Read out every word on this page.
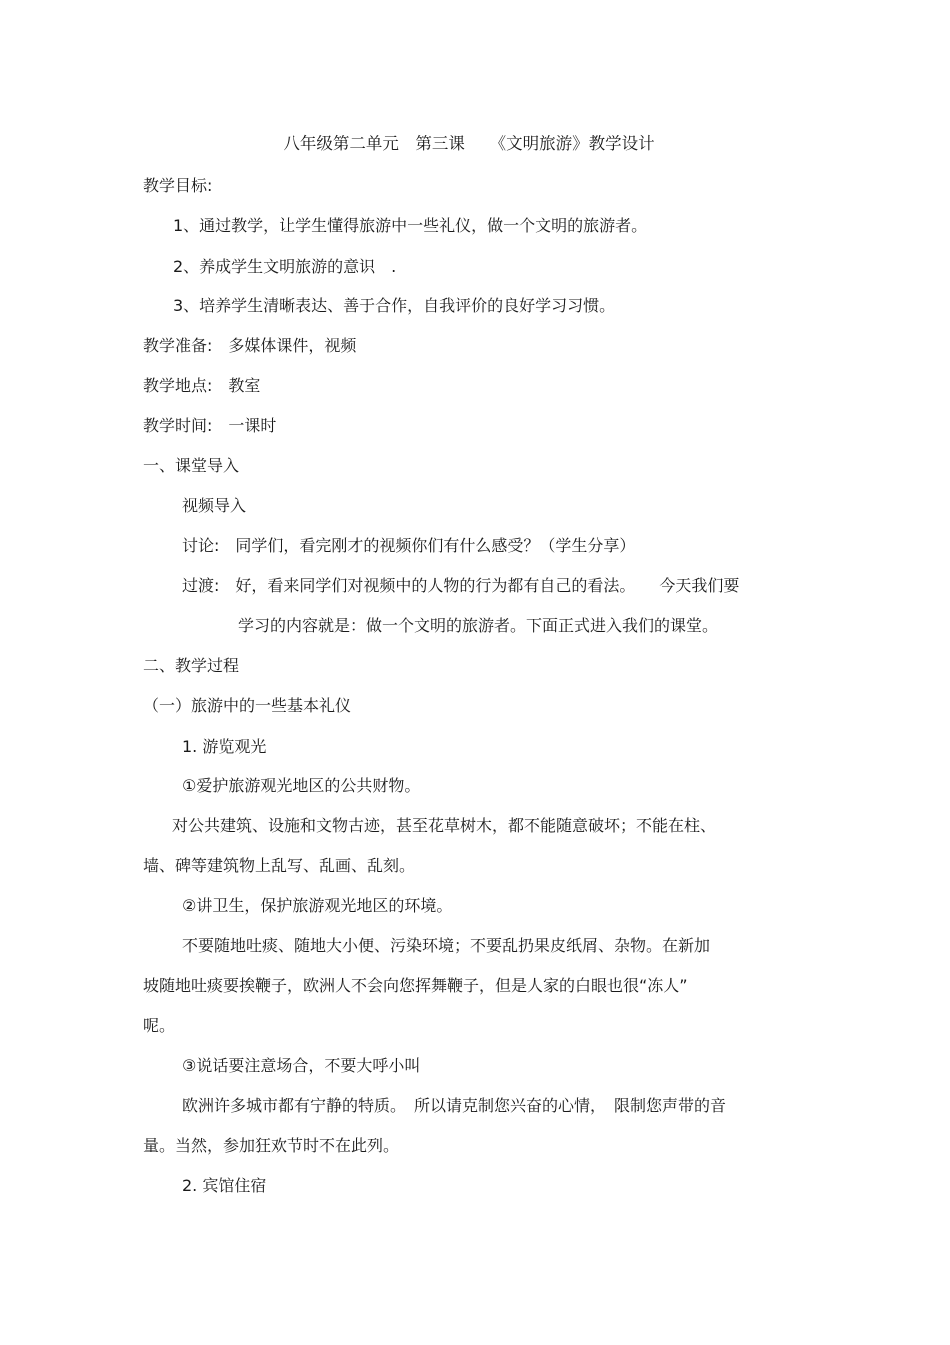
八年级第二单元　第三课　　《文明旅游》教学设计
教学目标:
1、通过教学，让学生懂得旅游中一些礼仪，做一个文明的旅游者。
2、养成学生文明旅游的意识　.
3、培养学生清晰表达、善于合作，自我评价的良好学习习惯。
教学准备:　多媒体课件，视频
教学地点:　教室
教学时间:　一课时
一、课堂导入
视频导入
讨论:　同学们，看完刚才的视频你们有什么感受？（学生分享）
过渡:　好，看来同学们对视频中的人物的行为都有自己的看法。　　今天我们要
学习的内容就是：做一个文明的旅游者。下面正式进入我们的课堂。
二、教学过程
（一）旅游中的一些基本礼仪
1. 游览观光
①爱护旅游观光地区的公共财物。
对公共建筑、设施和文物古迹，甚至花草树木，都不能随意破坏；不能在柱、
墙、碑等建筑物上乱写、乱画、乱刻。
②讲卫生，保护旅游观光地区的环境。
不要随地吐痰、随地大小便、污染环境；不要乱扔果皮纸屑、杂物。在新加
坡随地吐痰要挨鞭子，欧洲人不会向您挥舞鞭子，但是人家的白眼也很“冻人”
呢。
③说话要注意场合，不要大呼小叫
欧洲许多城市都有宁静的特质。　所以请克制您兴奋的心情，　限制您声带的音
量。当然，参加狂欢节时不在此列。
2. 宾馆住宿
